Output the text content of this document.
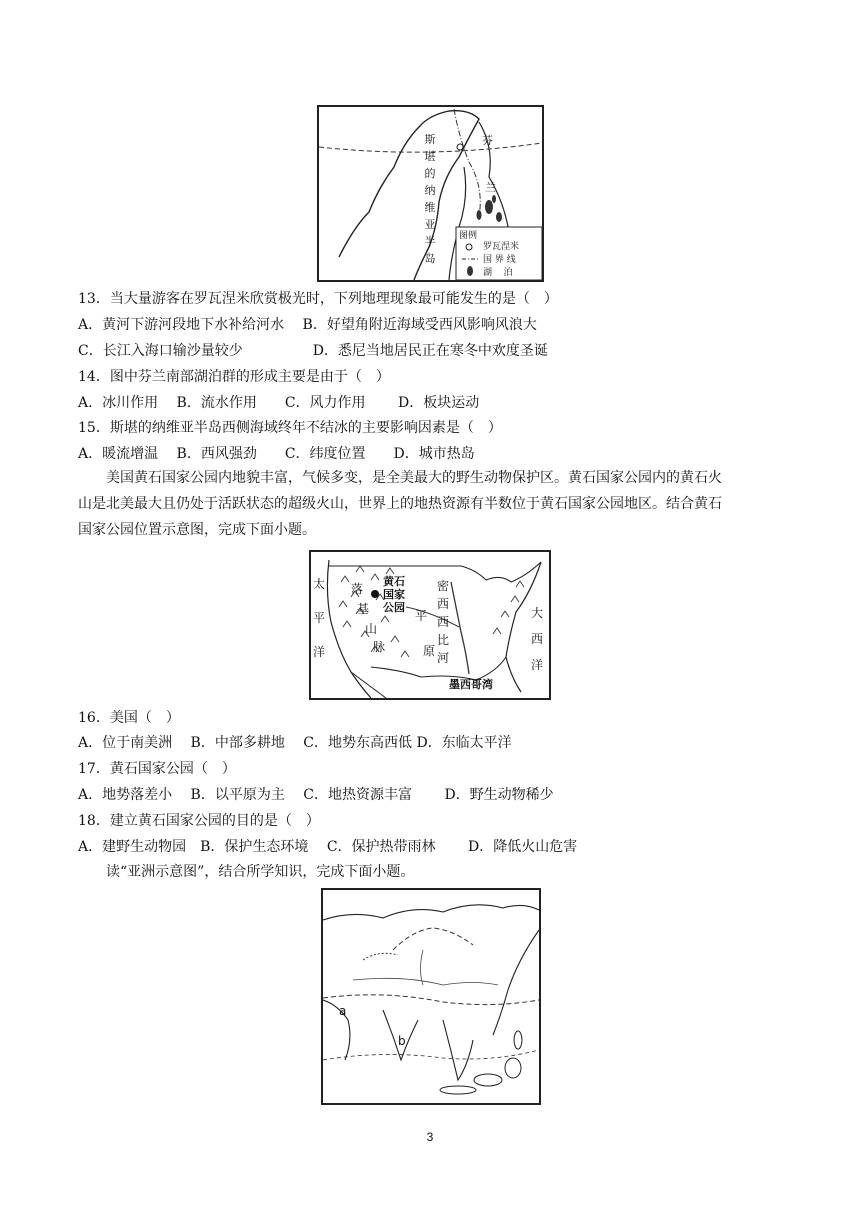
斯
堪
的
纳
维
亚
半
岛
芬
兰
图例
罗瓦涅米
国 界 线
湖    泊
13．当大量游客在罗瓦涅米欣赏极光时，下列地理现象最可能发生的是（　）
A．黄河下游河段地下水补给河水　 B．好望角附近海域受西风影响风浪大
C．长江入海口输沙量较少　　　　　D．悉尼当地居民正在寒冬中欢度圣诞
14．图中芬兰南部湖泊群的形成主要是由于（　）
A．冰川作用　 B．流水作用　　C．风力作用　　 D．板块运动
15．斯堪的纳维亚半岛西侧海域终年不结冰的主要影响因素是（　）
A．暖流增温　 B．西风强劲　　C．纬度位置　　D．城市热岛

　　美国黄石国家公园内地貌丰富，气候多变，是全美最大的野生动物保护区。黄石国家公园内的黄石火

山是北美最大且仍处于活跃状态的超级火山，世界上的地热资源有半数位于黄石国家公园地区。结合黄石

国家公园位置示意图，完成下面小题。

太
平
洋
落
基
山
脉
黄石
国家
公园
平
原
密
西
西
比
河
大
西
洋
墨西哥湾
16．美国（　）
A．位于南美洲　 B．中部多耕地　 C．地势东高西低 D．东临太平洋
17．黄石国家公园（　）
A．地势落差小　 B．以平原为主　 C．地热资源丰富　　 D．野生动物稀少
18．建立黄石国家公园的目的是（　）
A．建野生动物园　B．保护生态环境　 C．保护热带雨林　　 D．降低火山危害
　　读“亚洲示意图”，结合所学知识，完成下面小题。
a
b
3
